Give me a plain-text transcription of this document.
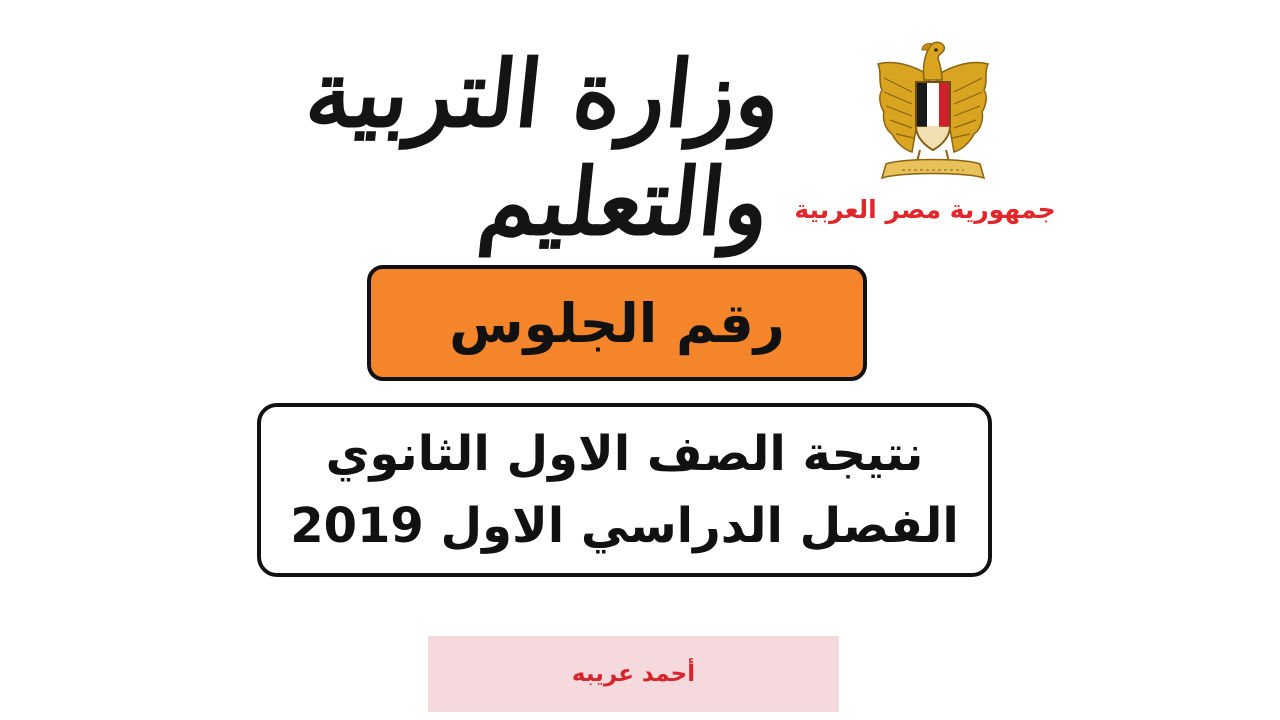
وزارة التربية والتعليم جمهورية مصر العربية
رقم الجلوس
نتيجة الصف الاول الثانوي
الفصل الدراسي الاول 2019
أحمد عريبه
